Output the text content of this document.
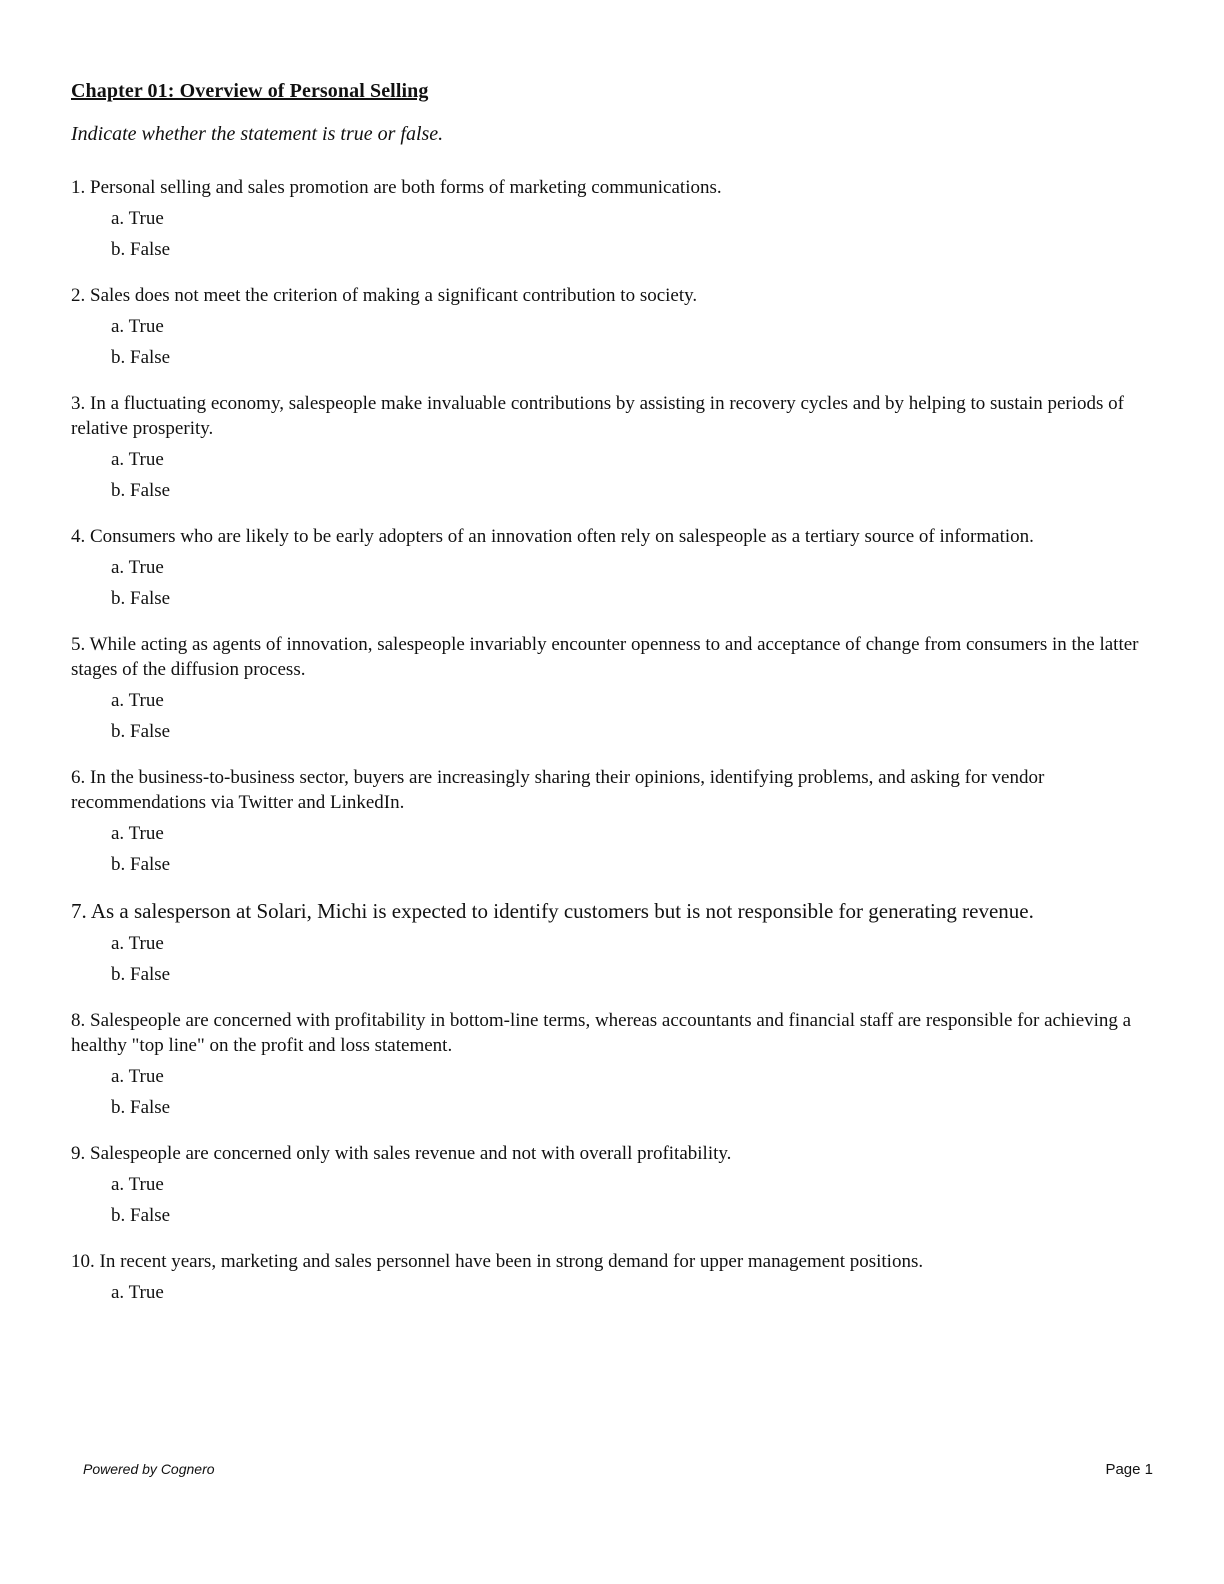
Chapter 01: Overview of Personal Selling
Indicate whether the statement is true or false.
1. Personal selling and sales promotion are both forms of marketing communications.
a. True
b. False
2. Sales does not meet the criterion of making a significant contribution to society.
a. True
b. False
3. In a fluctuating economy, salespeople make invaluable contributions by assisting in recovery cycles and by helping to sustain periods of relative prosperity.
a. True
b. False
4. Consumers who are likely to be early adopters of an innovation often rely on salespeople as a tertiary source of information.
a. True
b. False
5. While acting as agents of innovation, salespeople invariably encounter openness to and acceptance of change from consumers in the latter stages of the diffusion process.
a. True
b. False
6. In the business-to-business sector, buyers are increasingly sharing their opinions, identifying problems, and asking for vendor recommendations via Twitter and LinkedIn.
a. True
b. False
7. As a salesperson at Solari, Michi is expected to identify customers but is not responsible for generating revenue.
a. True
b. False
8. Salespeople are concerned with profitability in bottom-line terms, whereas accountants and financial staff are responsible for achieving a healthy "top line" on the profit and loss statement.
a. True
b. False
9. Salespeople are concerned only with sales revenue and not with overall profitability.
a. True
b. False
10. In recent years, marketing and sales personnel have been in strong demand for upper management positions.
a. True
Powered by Cognero	Page 1
